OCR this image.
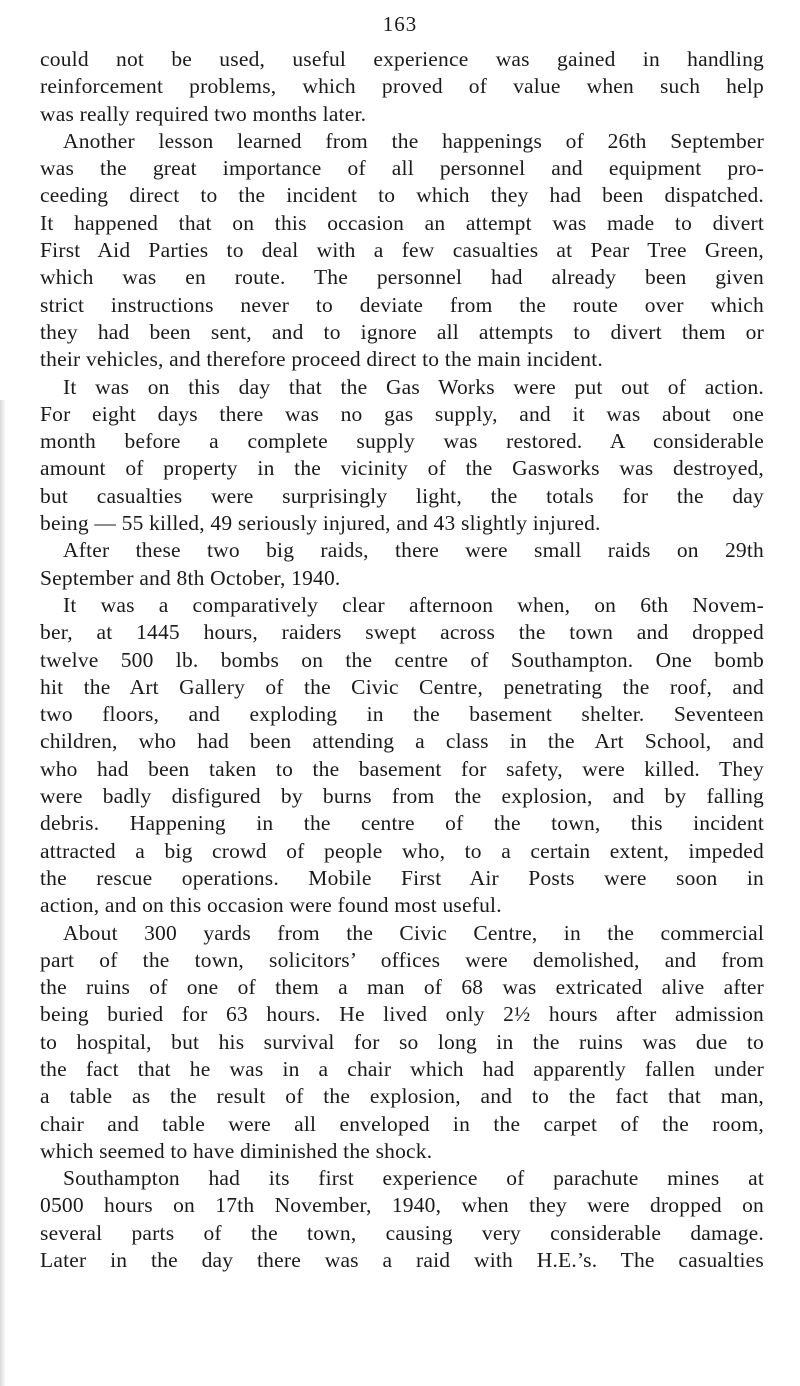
163
could not be used, useful experience was gained in handling
reinforcement problems, which proved of value when such help
was really required two months later.
Another lesson learned from the happenings of 26th September
was the great importance of all personnel and equipment pro-
ceeding direct to the incident to which they had been dispatched.
It happened that on this occasion an attempt was made to divert
First Aid Parties to deal with a few casualties at Pear Tree Green,
which was en route. The personnel had already been given
strict instructions never to deviate from the route over which
they had been sent, and to ignore all attempts to divert them or
their vehicles, and therefore proceed direct to the main incident.
It was on this day that the Gas Works were put out of action.
For eight days there was no gas supply, and it was about one
month before a complete supply was restored. A considerable
amount of property in the vicinity of the Gasworks was destroyed,
but casualties were surprisingly light, the totals for the day
being — 55 killed, 49 seriously injured, and 43 slightly injured.
After these two big raids, there were small raids on 29th
September and 8th October, 1940.
It was a comparatively clear afternoon when, on 6th Novem-
ber, at 1445 hours, raiders swept across the town and dropped
twelve 500 lb. bombs on the centre of Southampton. One bomb
hit the Art Gallery of the Civic Centre, penetrating the roof, and
two floors, and exploding in the basement shelter. Seventeen
children, who had been attending a class in the Art School, and
who had been taken to the basement for safety, were killed. They
were badly disfigured by burns from the explosion, and by falling
debris. Happening in the centre of the town, this incident
attracted a big crowd of people who, to a certain extent, impeded
the rescue operations. Mobile First Air Posts were soon in
action, and on this occasion were found most useful.
About 300 yards from the Civic Centre, in the commercial
part of the town, solicitors’ offices were demolished, and from
the ruins of one of them a man of 68 was extricated alive after
being buried for 63 hours. He lived only 2½ hours after admission
to hospital, but his survival for so long in the ruins was due to
the fact that he was in a chair which had apparently fallen under
a table as the result of the explosion, and to the fact that man,
chair and table were all enveloped in the carpet of the room,
which seemed to have diminished the shock.
Southampton had its first experience of parachute mines at
0500 hours on 17th November, 1940, when they were dropped on
several parts of the town, causing very considerable damage.
Later in the day there was a raid with H.E.’s. The casualties
